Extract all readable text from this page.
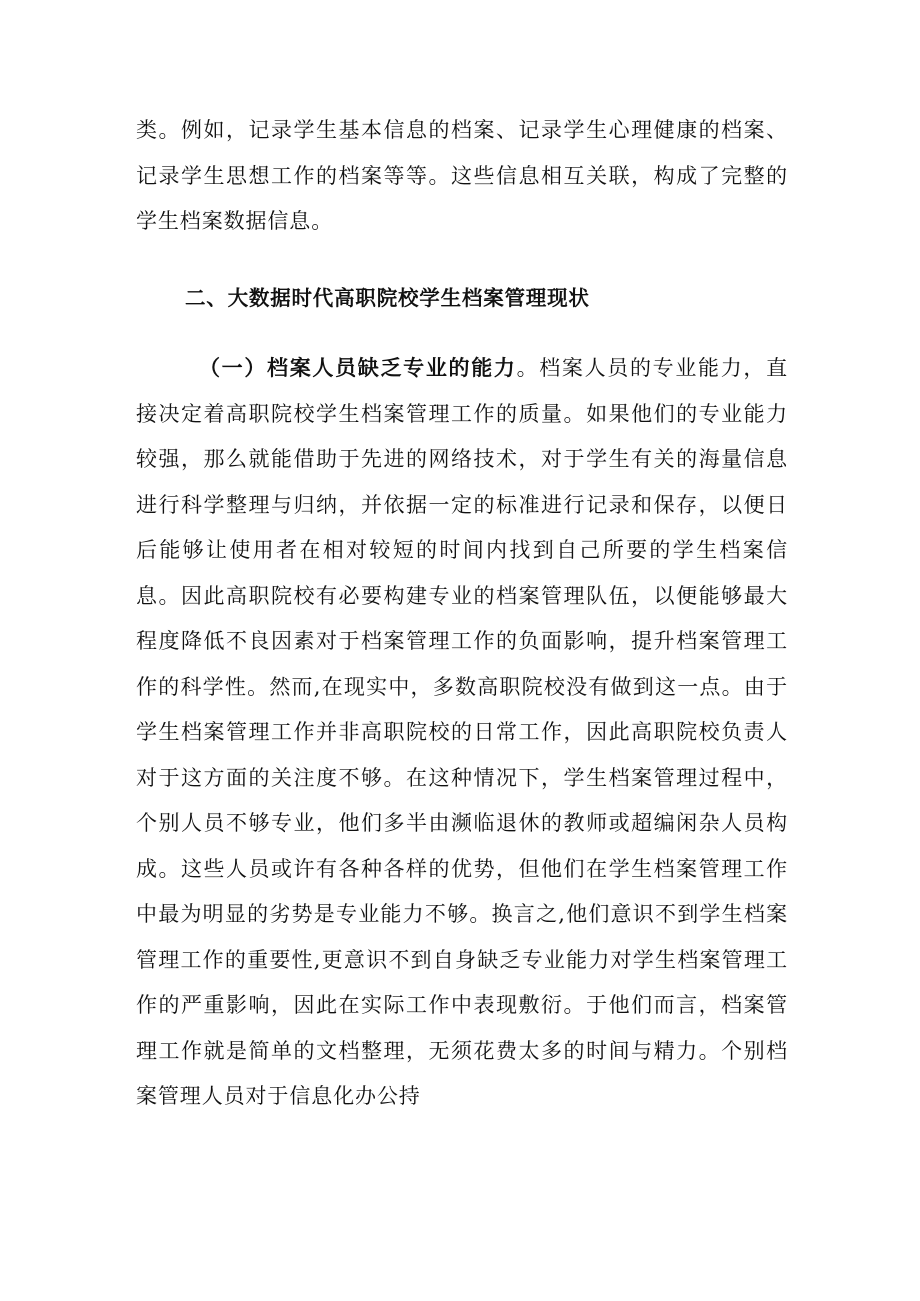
类。例如，记录学生基本信息的档案、记录学生心理健康的档案、记录学生思想工作的档案等等。这些信息相互关联，构成了完整的学生档案数据信息。

二、大数据时代高职院校学生档案管理现状

（一）档案人员缺乏专业的能力。档案人员的专业能力，直接决定着高职院校学生档案管理工作的质量。如果他们的专业能力较强，那么就能借助于先进的网络技术，对于学生有关的海量信息进行科学整理与归纳，并依据一定的标准进行记录和保存，以便日后能够让使用者在相对较短的时间内找到自己所要的学生档案信息。因此高职院校有必要构建专业的档案管理队伍，以便能够最大程度降低不良因素对于档案管理工作的负面影响，提升档案管理工作的科学性。然而,在现实中，多数高职院校没有做到这一点。由于学生档案管理工作并非高职院校的日常工作，因此高职院校负责人对于这方面的关注度不够。在这种情况下，学生档案管理过程中，个别人员不够专业，他们多半由濒临退休的教师或超编闲杂人员构成。这些人员或许有各种各样的优势，但他们在学生档案管理工作中最为明显的劣势是专业能力不够。换言之,他们意识不到学生档案管理工作的重要性,更意识不到自身缺乏专业能力对学生档案管理工作的严重影响，因此在实际工作中表现敷衍。于他们而言，档案管理工作就是简单的文档整理，无须花费太多的时间与精力。个别档案管理人员对于信息化办公持
